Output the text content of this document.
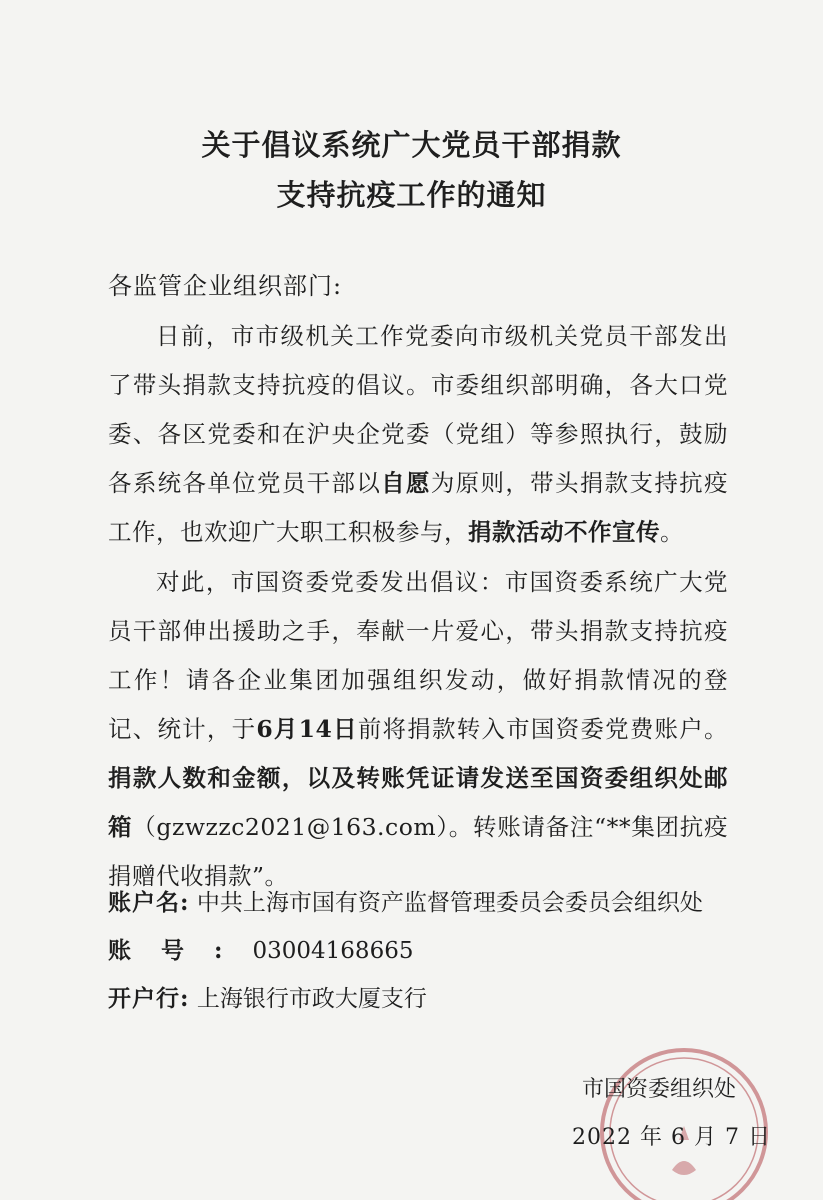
关于倡议系统广大党员干部捐款
支持抗疫工作的通知

各监管企业组织部门:

日前，市市级机关工作党委向市级机关党员干部发出了带头捐款支持抗疫的倡议。市委组织部明确，各大口党委、各区党委和在沪央企党委（党组）等参照执行，鼓励各系统各单位党员干部以自愿为原则，带头捐款支持抗疫工作，也欢迎广大职工积极参与，捐款活动不作宣传。

对此，市国资委党委发出倡议：市国资委系统广大党员干部伸出援助之手，奉献一片爱心，带头捐款支持抗疫工作！请各企业集团加强组织发动，做好捐款情况的登记、统计，于6月14日前将捐款转入市国资委党费账户。捐款人数和金额，以及转账凭证请发送至国资委组织处邮箱（gzwzzc2021@163.com）。转账请备注“**集团抗疫捐赠代收捐款”。

账户名: 中共上海市国有资产监督管理委员会委员会组织处

账号:03004168665

开户行: 上海银行市政大厦支行

市国资委组织处

2022 年 6 月 7 日
